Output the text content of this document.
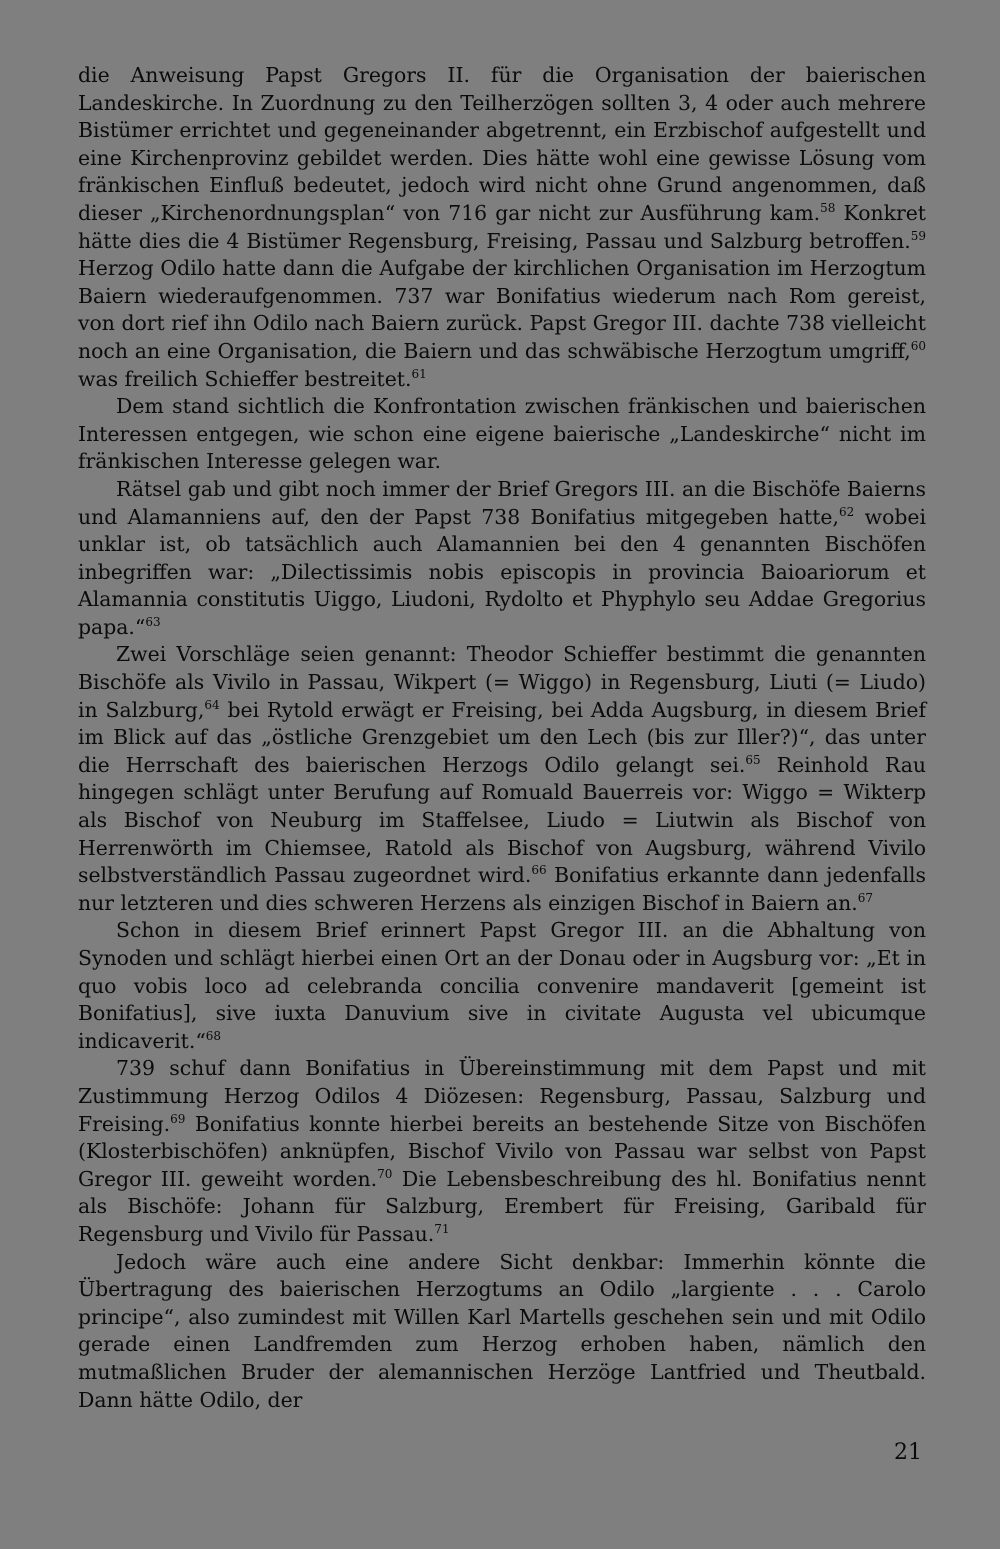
die Anweisung Papst Gregors II. für die Organisation der baierischen Landeskirche. In Zuordnung zu den Teilherzögen sollten 3, 4 oder auch mehrere Bistümer errichtet und gegeneinander abgetrennt, ein Erzbischof aufgestellt und eine Kirchenprovinz gebildet werden. Dies hätte wohl eine gewisse Lösung vom fränkischen Einfluß bedeutet, jedoch wird nicht ohne Grund angenommen, daß dieser „Kirchenordnungsplan“ von 716 gar nicht zur Ausführung kam.$^{58}$ Konkret hätte dies die 4 Bistümer Regensburg, Freising, Passau und Salzburg betroffen.$^{59}$ Herzog Odilo hatte dann die Aufgabe der kirchlichen Organisation im Herzogtum Baiern wiederaufgenommen. 737 war Bonifatius wiederum nach Rom gereist, von dort rief ihn Odilo nach Baiern zurück. Papst Gregor III. dachte 738 vielleicht noch an eine Organisation, die Baiern und das schwäbische Herzogtum umgriff,$^{60}$ was freilich Schieffer bestreitet.$^{61}$

Dem stand sichtlich die Konfrontation zwischen fränkischen und baierischen Interessen entgegen, wie schon eine eigene baierische „Landeskirche“ nicht im fränkischen Interesse gelegen war.

Rätsel gab und gibt noch immer der Brief Gregors III. an die Bischöfe Baierns und Alamanniens auf, den der Papst 738 Bonifatius mitgegeben hatte,$^{62}$ wobei unklar ist, ob tatsächlich auch Alamannien bei den 4 genannten Bischöfen inbegriffen war: „Dilectissimis nobis episcopis in provincia Baioariorum et Alamannia constitutis Uiggo, Liudoni, Rydolto et Phyphylo seu Addae Gregorius papa.“$^{63}$

Zwei Vorschläge seien genannt: Theodor Schieffer bestimmt die genannten Bischöfe als Vivilo in Passau, Wikpert (= Wiggo) in Regensburg, Liuti (= Liudo) in Salzburg,$^{64}$ bei Rytold erwägt er Freising, bei Adda Augsburg, in diesem Brief im Blick auf das „östliche Grenzgebiet um den Lech (bis zur Iller?)“, das unter die Herrschaft des baierischen Herzogs Odilo gelangt sei.$^{65}$ Reinhold Rau hingegen schlägt unter Berufung auf Romuald Bauerreis vor: Wiggo = Wikterp als Bischof von Neuburg im Staffelsee, Liudo = Liutwin als Bischof von Herrenwörth im Chiemsee, Ratold als Bischof von Augsburg, während Vivilo selbstverständlich Passau zugeordnet wird.$^{66}$ Bonifatius erkannte dann jedenfalls nur letzteren und dies schweren Herzens als einzigen Bischof in Baiern an.$^{67}$

Schon in diesem Brief erinnert Papst Gregor III. an die Abhaltung von Synoden und schlägt hierbei einen Ort an der Donau oder in Augsburg vor: „Et in quo vobis loco ad celebranda concilia convenire mandaverit [gemeint ist Bonifatius], sive iuxta Danuvium sive in civitate Augusta vel ubicumque indicaverit.“$^{68}$

739 schuf dann Bonifatius in Übereinstimmung mit dem Papst und mit Zustimmung Herzog Odilos 4 Diözesen: Regensburg, Passau, Salzburg und Freising.$^{69}$ Bonifatius konnte hierbei bereits an bestehende Sitze von Bischöfen (Klosterbischöfen) anknüpfen, Bischof Vivilo von Passau war selbst von Papst Gregor III. geweiht worden.$^{70}$ Die Lebensbeschreibung des hl. Bonifatius nennt als Bischöfe: Johann für Salzburg, Erembert für Freising, Garibald für Regensburg und Vivilo für Passau.$^{71}$

Jedoch wäre auch eine andere Sicht denkbar: Immerhin könnte die Übertragung des baierischen Herzogtums an Odilo „largiente . . . Carolo principe“, also zumindest mit Willen Karl Martells geschehen sein und mit Odilo gerade einen Landfremden zum Herzog erhoben haben, nämlich den mutmaßlichen Bruder der alemannischen Herzöge Lantfried und Theutbald. Dann hätte Odilo, der

21
